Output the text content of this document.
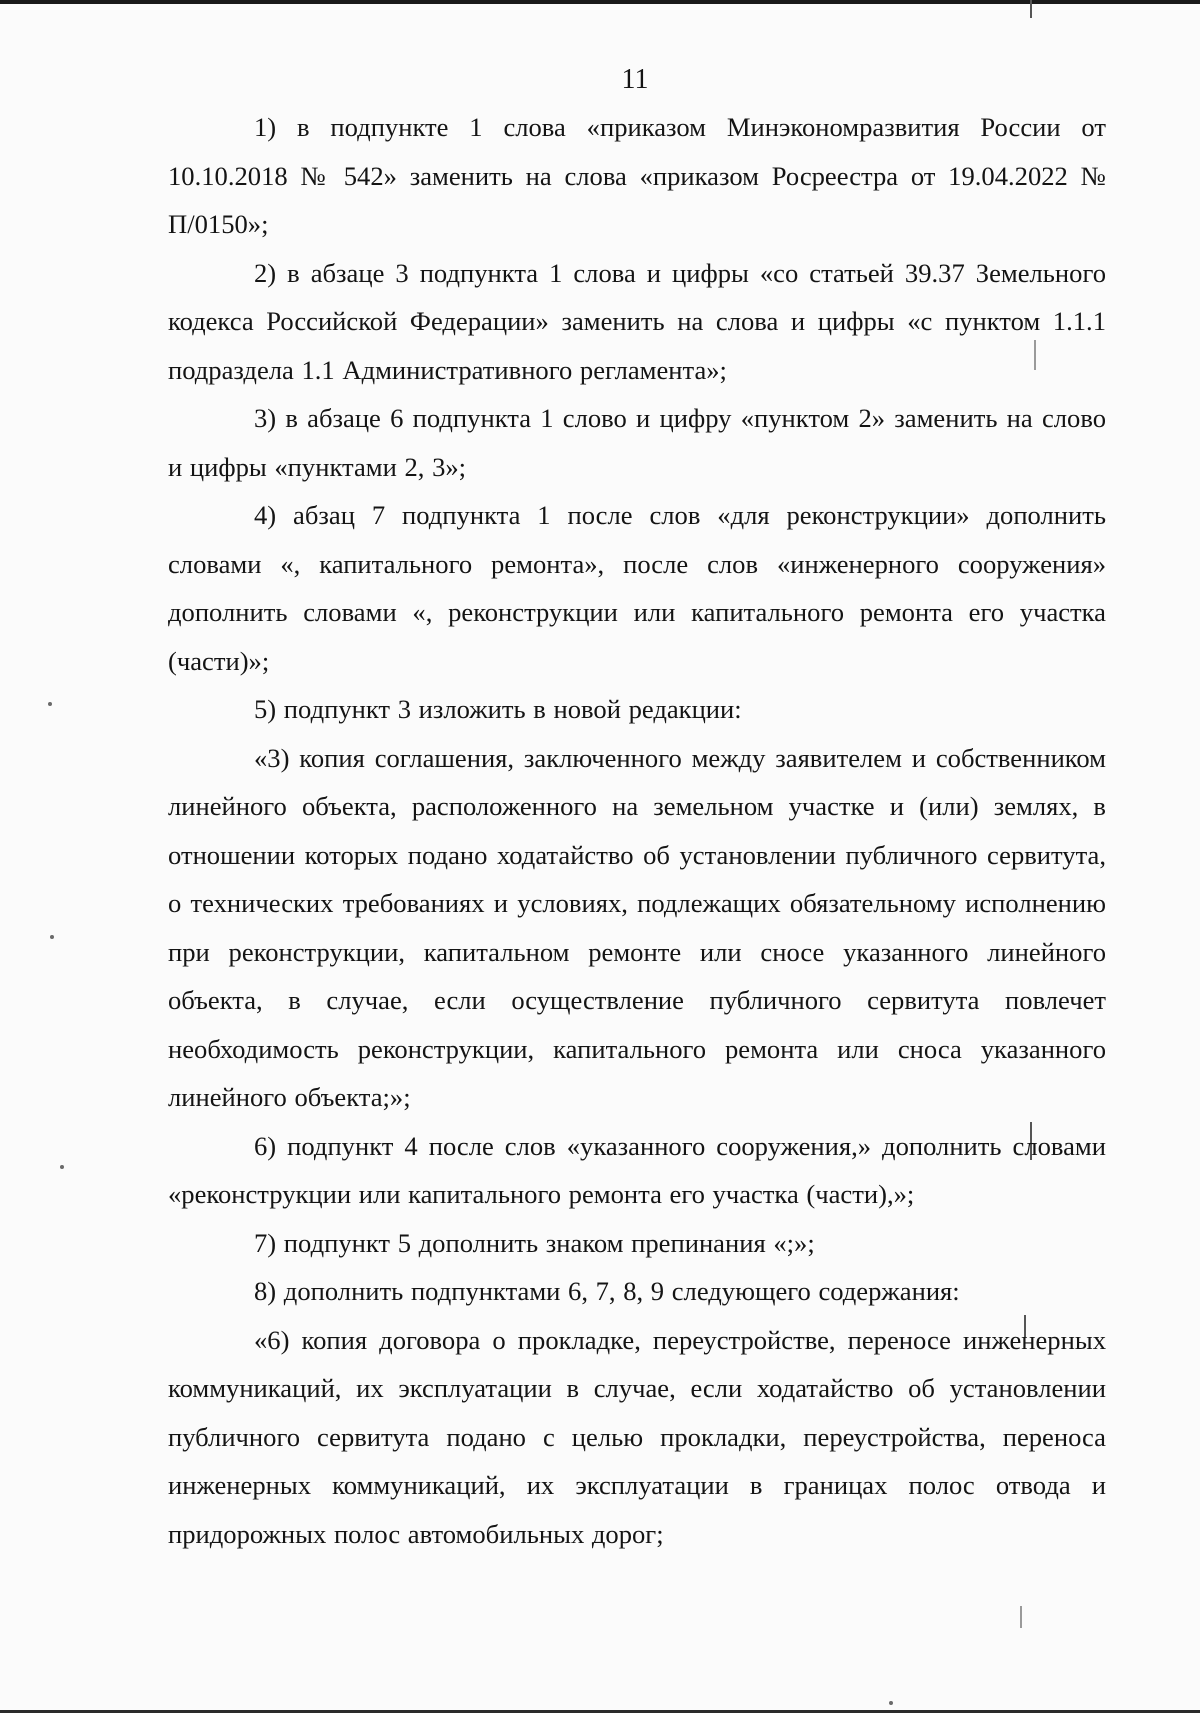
11

1) в подпункте 1 слова «приказом Минэкономразвития России от 10.10.2018 № 542» заменить на слова «приказом Росреестра от 19.04.2022 № П/0150»;

2) в абзаце 3 подпункта 1 слова и цифры «со статьей 39.37 Земельного кодекса Российской Федерации» заменить на слова и цифры «с пунктом 1.1.1 подраздела 1.1 Административного регламента»;

3) в абзаце 6 подпункта 1 слово и цифру «пунктом 2» заменить на слово и цифры «пунктами 2, 3»;

4) абзац 7 подпункта 1 после слов «для реконструкции» дополнить словами «, капитального ремонта», после слов «инженерного сооружения» дополнить словами «, реконструкции или капитального ремонта его участка (части)»;

5) подпункт 3 изложить в новой редакции:

«3) копия соглашения, заключенного между заявителем и собственником линейного объекта, расположенного на земельном участке и (или) землях, в отношении которых подано ходатайство об установлении публичного сервитута, о технических требованиях и условиях, подлежащих обязательному исполнению при реконструкции, капитальном ремонте или сносе указанного линейного объекта, в случае, если осуществление публичного сервитута повлечет необходимость реконструкции, капитального ремонта или сноса указанного линейного объекта;»;

6) подпункт 4 после слов «указанного сооружения,» дополнить словами «реконструкции или капитального ремонта его участка (части),»;

7) подпункт 5 дополнить знаком препинания «;»;

8) дополнить подпунктами 6, 7, 8, 9 следующего содержания:

«6) копия договора о прокладке, переустройстве, переносе инженерных коммуникаций, их эксплуатации в случае, если ходатайство об установлении публичного сервитута подано с целью прокладки, переустройства, переноса инженерных коммуникаций, их эксплуатации в границах полос отвода и придорожных полос автомобильных дорог;
